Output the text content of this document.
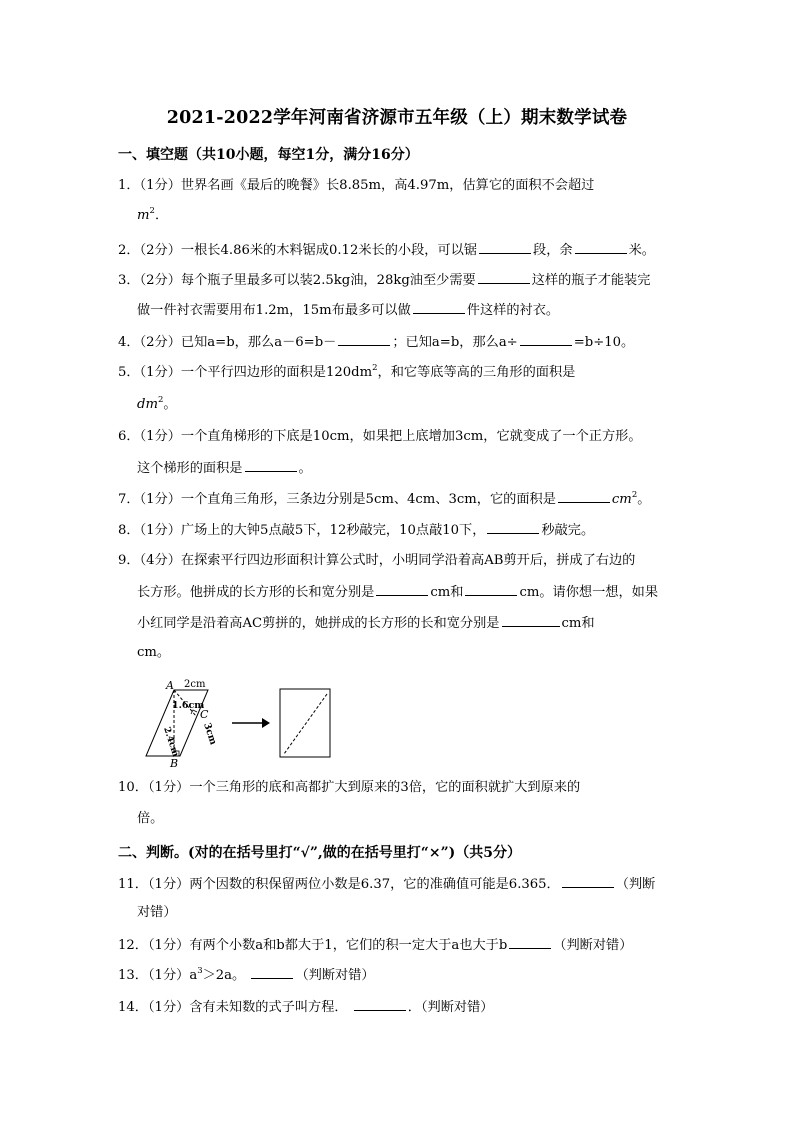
2021-2022学年河南省济源市五年级（上）期末数学试卷
一、填空题（共10小题，每空1分，满分16分）
1．（1分）世界名画《最后的晚餐》长8.85m，高4.97m，估算它的面积不会超过
$m^2$．
2．（2分）一根长4.86米的木料锯成0.12米长的小段，可以锯	段，余	米。
3．（2分）每个瓶子里最多可以装2.5kg油，28kg油至少需要	这样的瓶子才能装完
做一件衬衣需要用布1.2m，15m布最多可以做	件这样的衬衣。
4．（2分）已知a=b，那么a－6=b－	；已知a=b，那么a÷	=b÷10。
5．（1分）一个平行四边形的面积是$120dm^2$，和它等底等高的三角形的面积是
$dm^2$。
6．（1分）一个直角梯形的下底是10cm，如果把上底增加3cm，它就变成了一个正方形。
这个梯形的面积是	。
7．（1分）一个直角三角形，三条边分别是5cm、4cm、3cm，它的面积是	$cm^2$。
8．（1分）广场上的大钟5点敲5下，12秒敲完，10点敲10下，	秒敲完。
9．（4分）在探索平行四边形面积计算公式时，小明同学沿着高AB剪开后，拼成了右边的
长方形。他拼成的长方形的长和宽分别是	cm和	cm。请你想一想，如果
小红同学是沿着高AC剪拼的，她拼成的长方形的长和宽分别是	cm和
cm。
A
B
C
2cm
1.6cm
2.4cm 3cm
10．（1分）一个三角形的底和高都扩大到原来的3倍，它的面积就扩大到原来的
倍。
二、判断。(对的在括号里打“√”,做的在括号里打“×”)（共5分）
11．（1分）两个因数的积保留两位小数是6.37，它的准确值可能是6.365．	（判断
对错）
12．（1分）有两个小数a和b都大于1，它们的积一定大于a也大于b	（判断对错）
13．（1分）$a^3>2a$。	（判断对错）
14．（1分）含有未知数的式子叫方程．	．（判断对错）
